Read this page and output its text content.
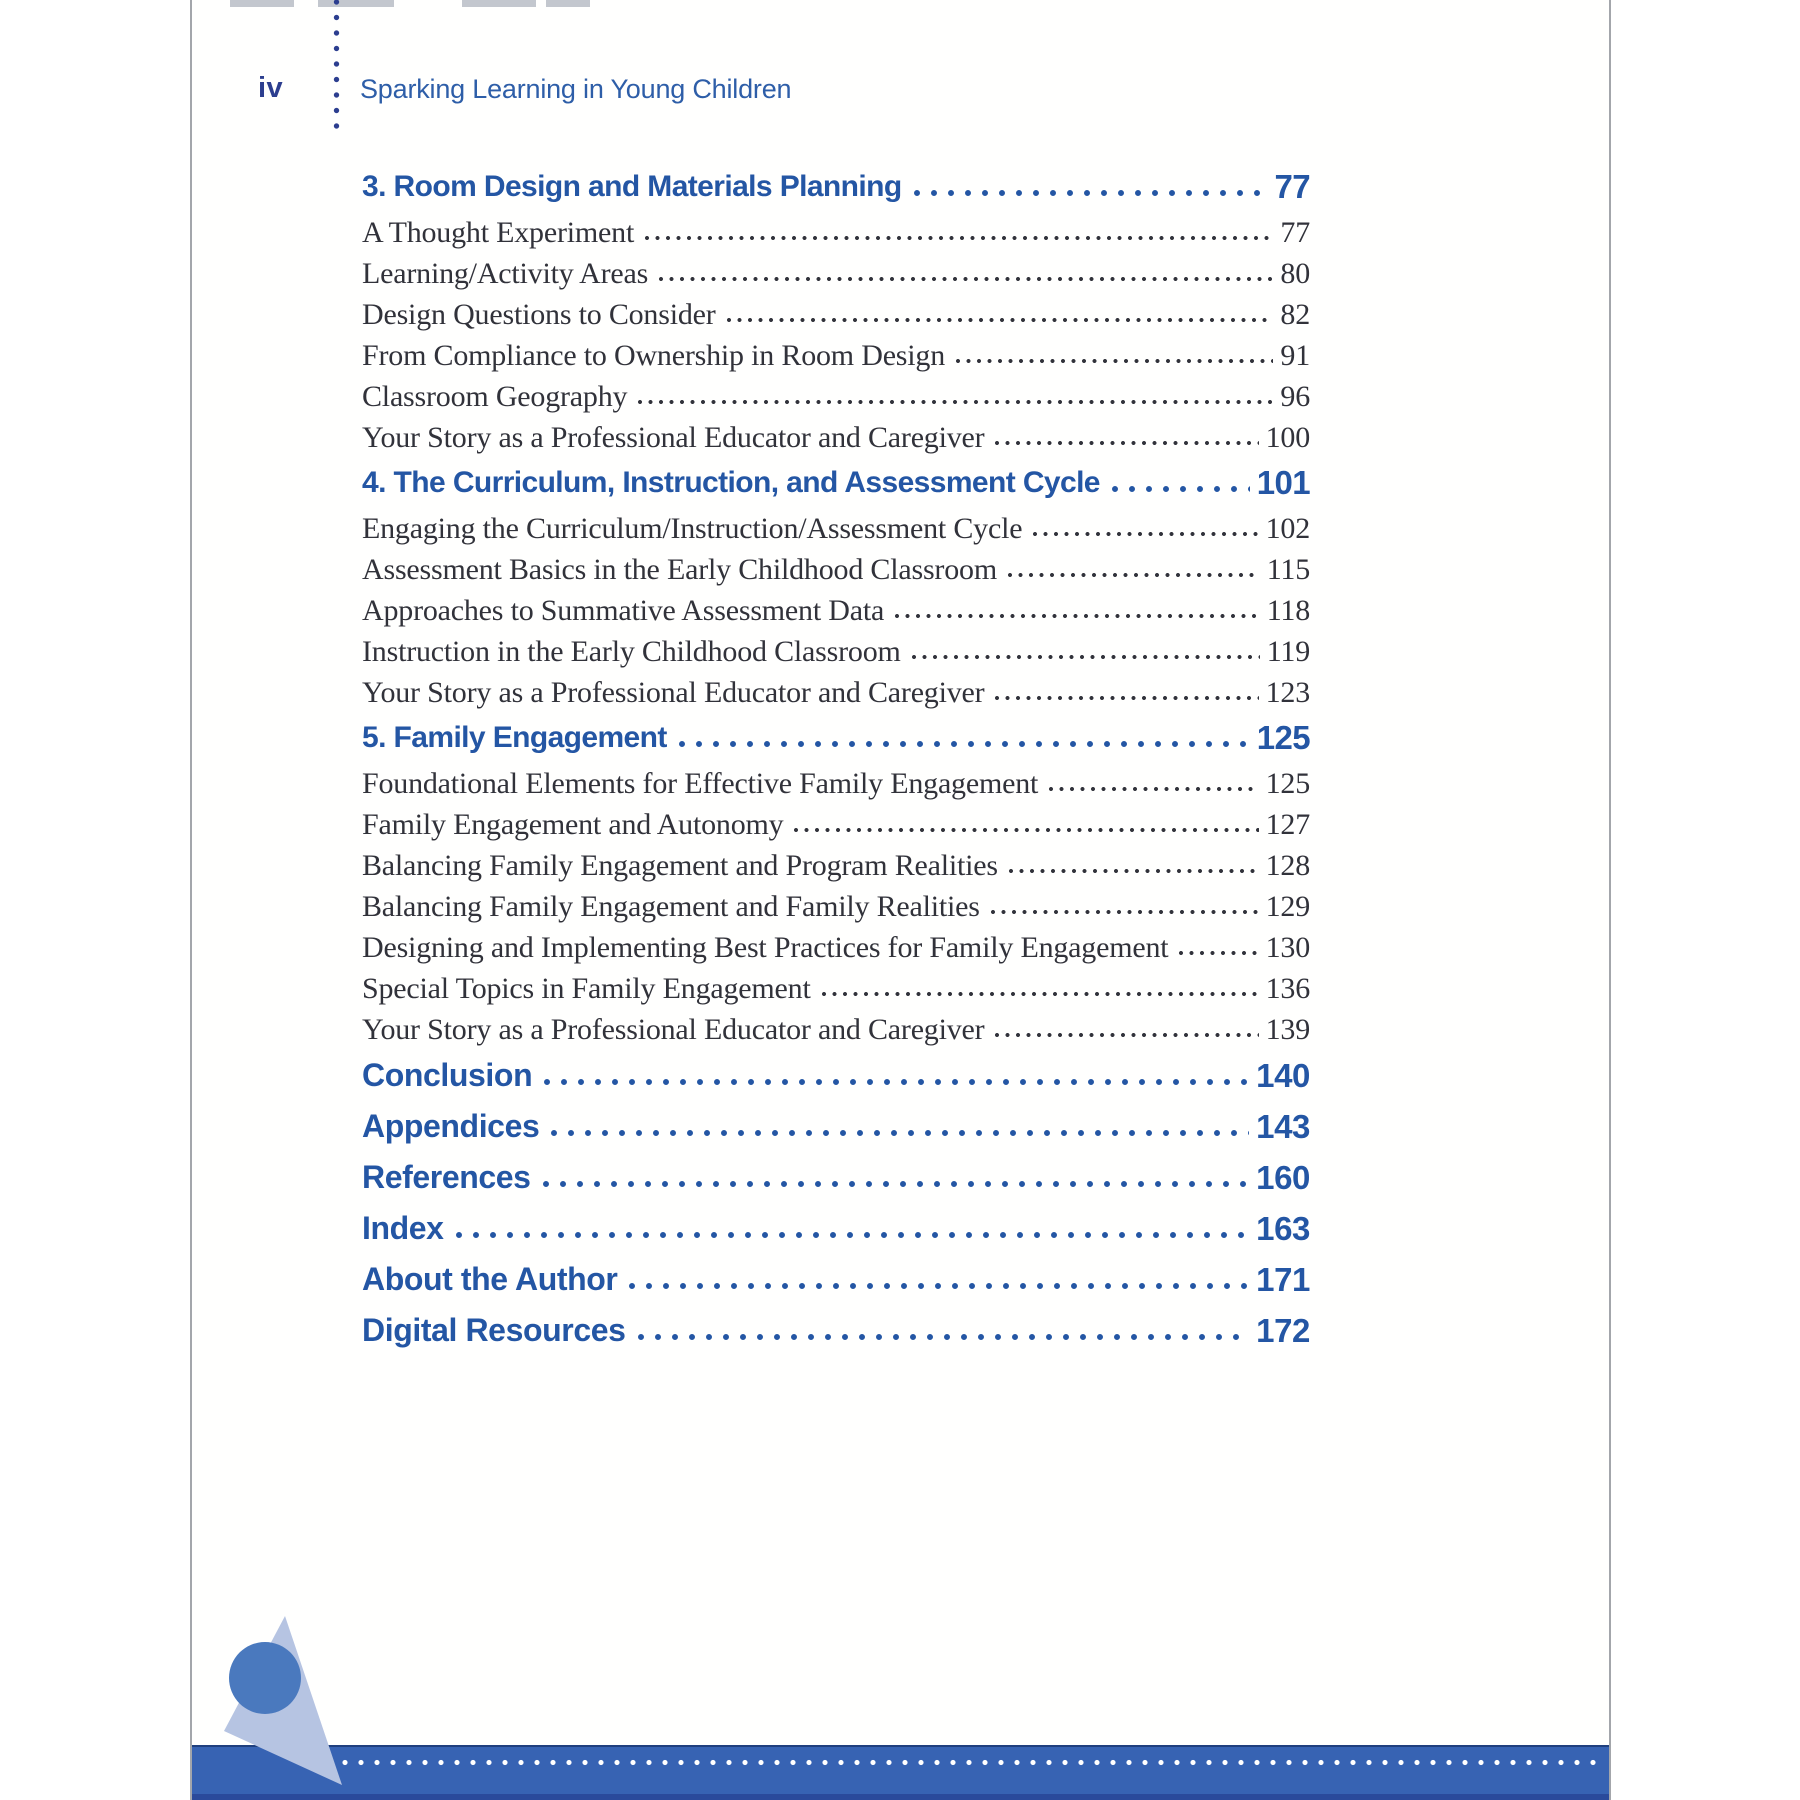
iv	Sparking Learning in Young Children
3. Room Design and Materials Planning	77
A Thought Experiment	77
Learning/Activity Areas	80
Design Questions to Consider	82
From Compliance to Ownership in Room Design	91
Classroom Geography	96
Your Story as a Professional Educator and Caregiver	100
4. The Curriculum, Instruction, and Assessment Cycle	101
Engaging the Curriculum/Instruction/Assessment Cycle	102
Assessment Basics in the Early Childhood Classroom	115
Approaches to Summative Assessment Data	118
Instruction in the Early Childhood Classroom	119
Your Story as a Professional Educator and Caregiver	123
5. Family Engagement	125
Foundational Elements for Effective Family Engagement	125
Family Engagement and Autonomy	127
Balancing Family Engagement and Program Realities	128
Balancing Family Engagement and Family Realities	129
Designing and Implementing Best Practices for Family Engagement	130
Special Topics in Family Engagement	136
Your Story as a Professional Educator and Caregiver	139
Conclusion	140
Appendices	143
References	160
Index	163
About the Author	171
Digital Resources	172
